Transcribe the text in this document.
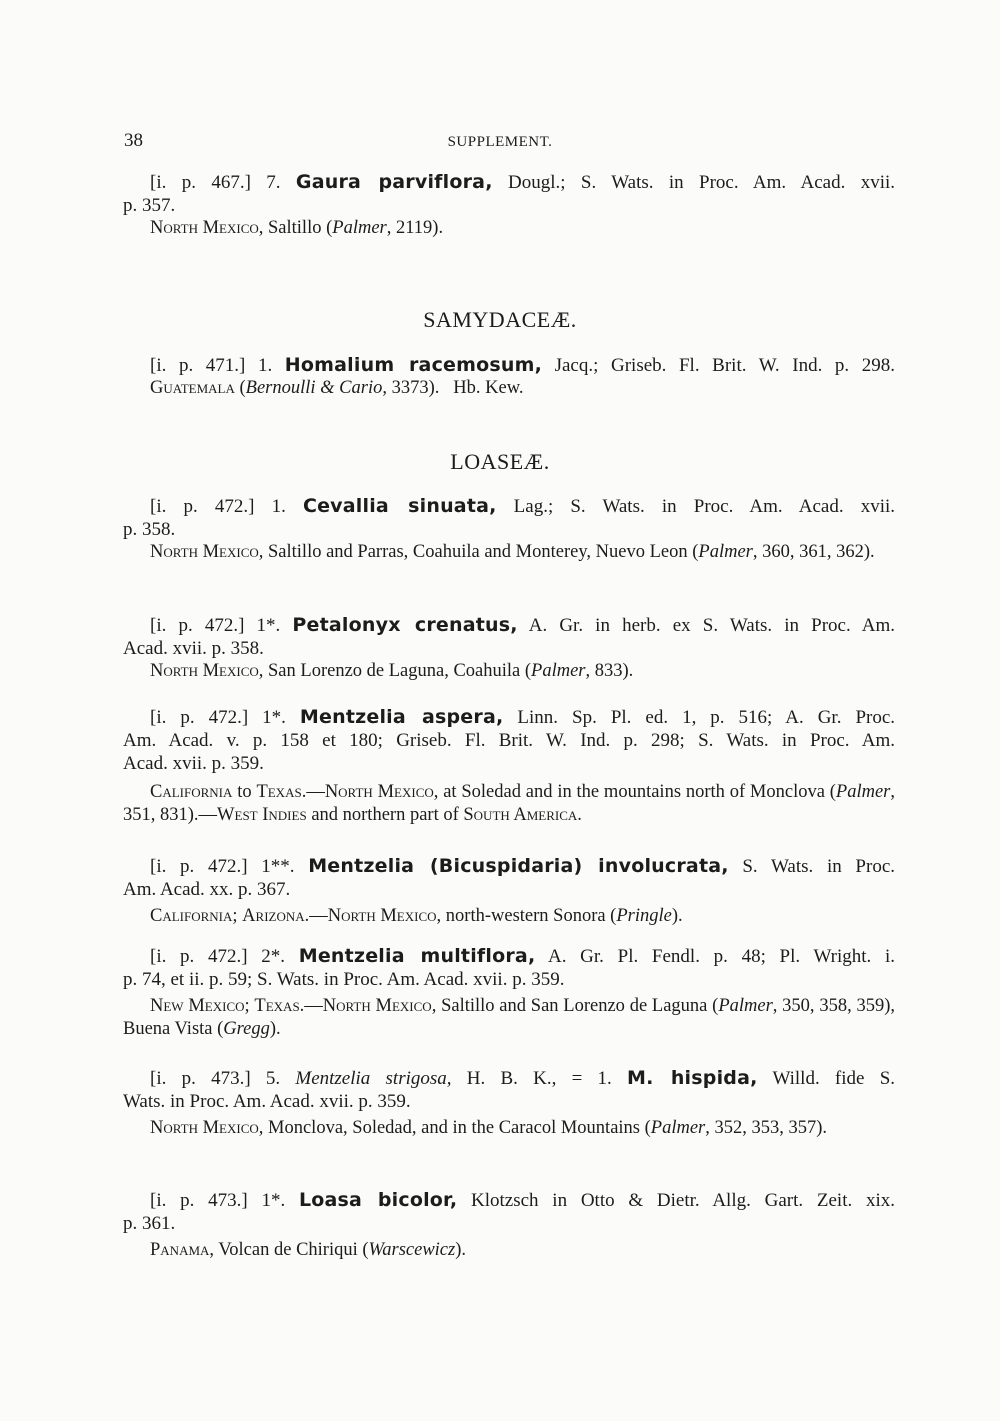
38	SUPPLEMENT.
[i. p. 467.] 7. Gaura parviflora, Dougl.; S. Wats. in Proc. Am. Acad. xvii.
p. 357.
North Mexico, Saltillo (Palmer, 2119).
SAMYDACEÆ.
[i. p. 471.] 1. Homalium racemosum, Jacq.; Griseb. Fl. Brit. W. Ind. p. 298.
Guatemala (Bernoulli & Cario, 3373).   Hb. Kew.
LOASEÆ.
[i. p. 472.] 1. Cevallia sinuata, Lag.; S. Wats. in Proc. Am. Acad. xvii.
p. 358.
North Mexico, Saltillo and Parras, Coahuila and Monterey, Nuevo Leon (Palmer, 360, 361, 362).
[i. p. 472.] 1*. Petalonyx crenatus, A. Gr. in herb. ex S. Wats. in Proc. Am.
Acad. xvii. p. 358.
North Mexico, San Lorenzo de Laguna, Coahuila (Palmer, 833).
[i. p. 472.] 1*. Mentzelia aspera, Linn. Sp. Pl. ed. 1, p. 516; A. Gr. Proc.
Am. Acad. v. p. 158 et 180; Griseb. Fl. Brit. W. Ind. p. 298; S. Wats. in Proc. Am.
Acad. xvii. p. 359.
California to Texas.—North Mexico, at Soledad and in the mountains north of Monclova (Palmer, 351, 831).—West Indies and northern part of South America.
[i. p. 472.] 1**. Mentzelia (Bicuspidaria) involucrata, S. Wats. in Proc.
Am. Acad. xx. p. 367.
California; Arizona.—North Mexico, north-western Sonora (Pringle).
[i. p. 472.] 2*. Mentzelia multiflora, A. Gr. Pl. Fendl. p. 48; Pl. Wright. i.
p. 74, et ii. p. 59; S. Wats. in Proc. Am. Acad. xvii. p. 359.
New Mexico; Texas.—North Mexico, Saltillo and San Lorenzo de Laguna (Palmer, 350, 358, 359), Buena Vista (Gregg).
[i. p. 473.] 5. Mentzelia strigosa, H. B. K., = 1. M. hispida, Willd. fide S.
Wats. in Proc. Am. Acad. xvii. p. 359.
North Mexico, Monclova, Soledad, and in the Caracol Mountains (Palmer, 352, 353, 357).
[i. p. 473.] 1*. Loasa bicolor, Klotzsch in Otto & Dietr. Allg. Gart. Zeit. xix.
p. 361.
Panama, Volcan de Chiriqui (Warscewicz).
